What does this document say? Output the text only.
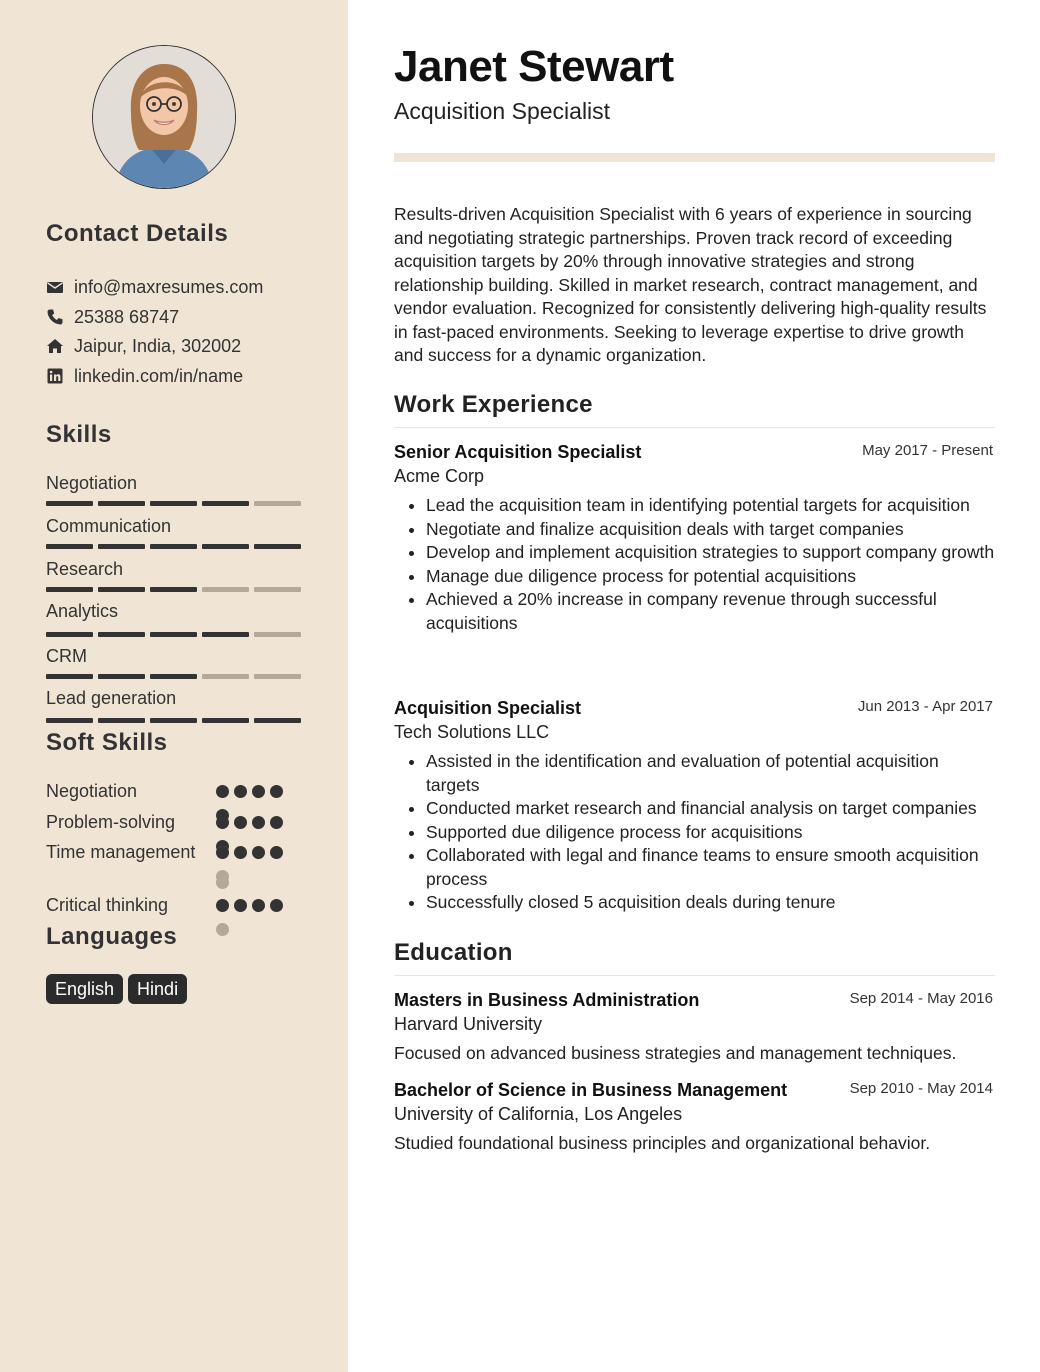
Contact Details
info@maxresumes.com
25388 68747
Jaipur, India, 302002
linkedin.com/in/name
Skills
Negotiation
Communication
Research
Analytics
CRM
Lead generation
Soft Skills
Negotiation
Problem-solving
Time management
Critical thinking
Languages
English	Hindi
Janet Stewart
Acquisition Specialist

Results-driven Acquisition Specialist with 6 years of experience in sourcing and negotiating strategic partnerships. Proven track record of exceeding acquisition targets by 20% through innovative strategies and strong relationship building. Skilled in market research, contract management, and vendor evaluation. Recognized for consistently delivering high-quality results in fast-paced environments. Seeking to leverage expertise to drive growth and success for a dynamic organization.

Work Experience
Senior Acquisition Specialist	May 2017 - Present
Acme Corp
• Lead the acquisition team in identifying potential targets for acquisition
• Negotiate and finalize acquisition deals with target companies
• Develop and implement acquisition strategies to support company growth
• Manage due diligence process for potential acquisitions
• Achieved a 20% increase in company revenue through successful acquisitions
Acquisition Specialist	Jun 2013 - Apr 2017
Tech Solutions LLC
• Assisted in the identification and evaluation of potential acquisition targets
• Conducted market research and financial analysis on target companies
• Supported due diligence process for acquisitions
• Collaborated with legal and finance teams to ensure smooth acquisition process
• Successfully closed 5 acquisition deals during tenure
Education
Masters in Business Administration	Sep 2014 - May 2016
Harvard University
Focused on advanced business strategies and management techniques.
Bachelor of Science in Business Management	Sep 2010 - May 2014
University of California, Los Angeles
Studied foundational business principles and organizational behavior.
